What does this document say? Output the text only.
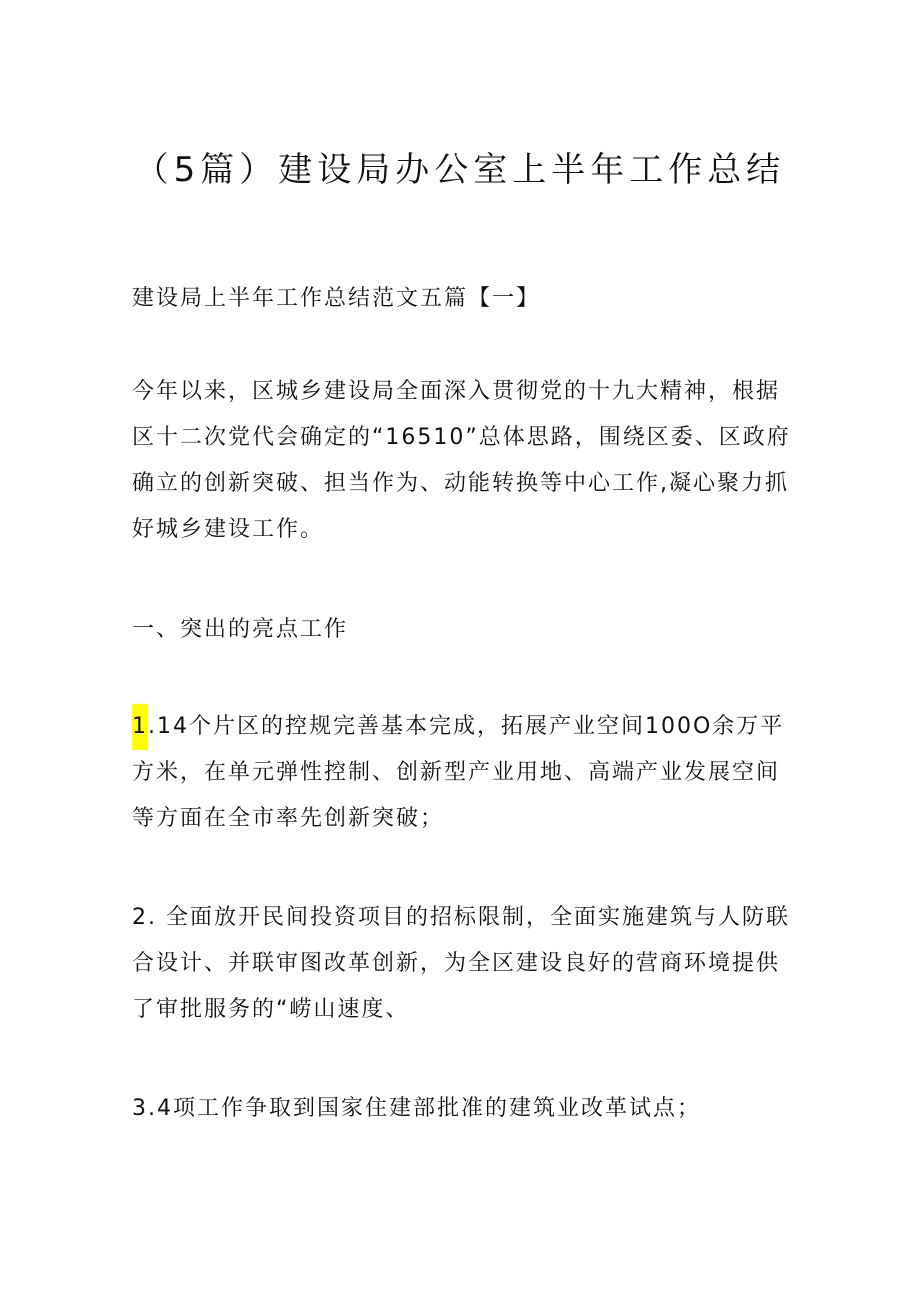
（5篇）建设局办公室上半年工作总结

建设局上半年工作总结范文五篇【一】

今年以来，区城乡建设局全面深入贯彻党的十九大精神，根据区十二次党代会确定的“16510”总体思路，围绕区委、区政府确立的创新突破、担当作为、动能转换等中心工作,凝心聚力抓好城乡建设工作。

一、突出的亮点工作

1.14个片区的控规完善基本完成，拓展产业空间100O余万平方米，在单元弹性控制、创新型产业用地、高端产业发展空间等方面在全市率先创新突破；

2. 全面放开民间投资项目的招标限制，全面实施建筑与人防联合设计、并联审图改革创新，为全区建设良好的营商环境提供了审批服务的“崂山速度、

3.4项工作争取到国家住建部批准的建筑业改革试点；
